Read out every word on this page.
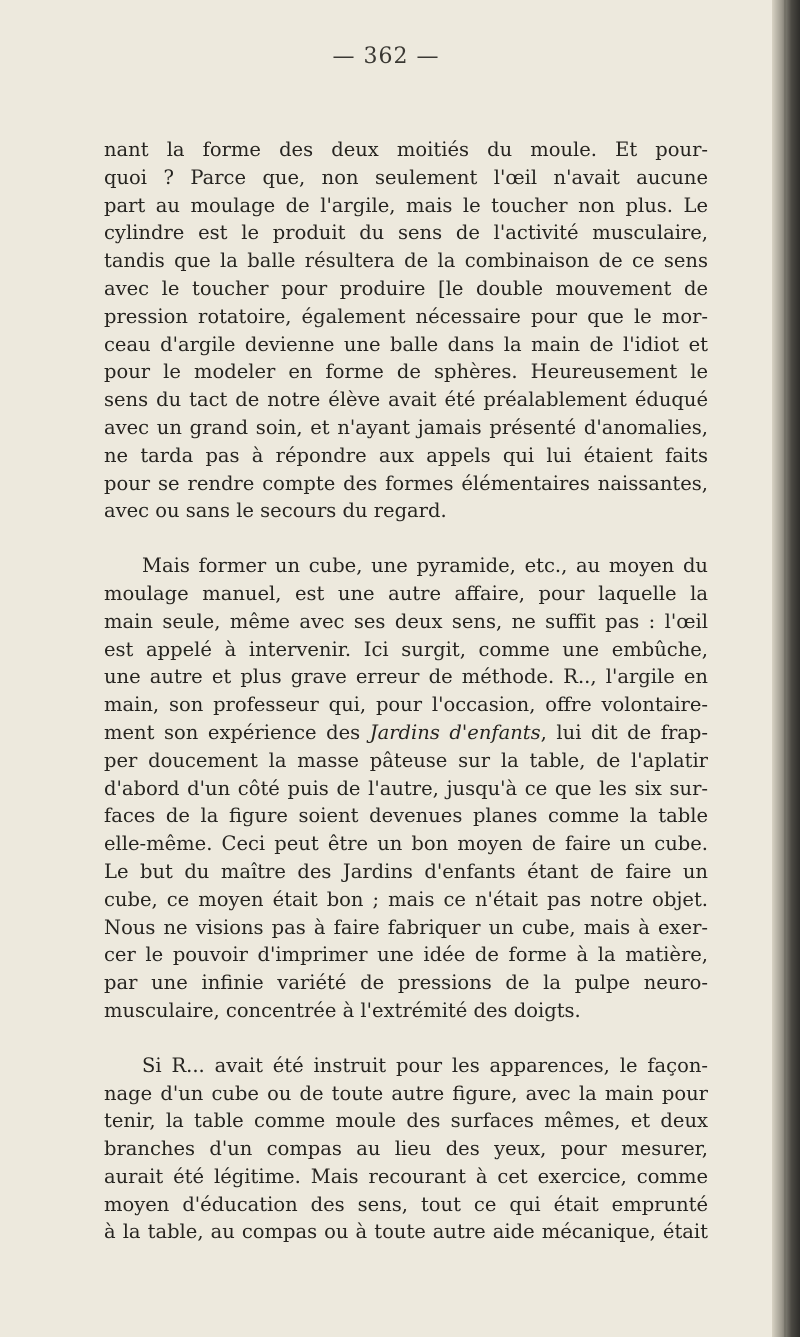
— 362 —

nant la forme des deux moitiés du moule. Et pour-
quoi ? Parce que, non seulement l'œil n'avait aucune
part au moulage de l'argile, mais le toucher non plus. Le
cylindre est le produit du sens de l'activité musculaire,
tandis que la balle résultera de la combinaison de ce sens
avec le toucher pour produire [le double mouvement de
pression rotatoire, également nécessaire pour que le mor-
ceau d'argile devienne une balle dans la main de l'idiot et
pour le modeler en forme de sphères. Heureusement le
sens du tact de notre élève avait été préalablement éduqué
avec un grand soin, et n'ayant jamais présenté d'anomalies,
ne tarda pas à répondre aux appels qui lui étaient faits
pour se rendre compte des formes élémentaires naissantes,
avec ou sans le secours du regard.

Mais former un cube, une pyramide, etc., au moyen du
moulage manuel, est une autre affaire, pour laquelle la
main seule, même avec ses deux sens, ne suffit pas : l'œil
est appelé à intervenir. Ici surgit, comme une embûche,
une autre et plus grave erreur de méthode. R.., l'argile en
main, son professeur qui, pour l'occasion, offre volontaire-
ment son expérience des Jardins d'enfants, lui dit de frap-
per doucement la masse pâteuse sur la table, de l'aplatir
d'abord d'un côté puis de l'autre, jusqu'à ce que les six sur-
faces de la figure soient devenues planes comme la table
elle-même. Ceci peut être un bon moyen de faire un cube.
Le but du maître des Jardins d'enfants étant de faire un
cube, ce moyen était bon ; mais ce n'était pas notre objet.
Nous ne visions pas à faire fabriquer un cube, mais à exer-
cer le pouvoir d'imprimer une idée de forme à la matière,
par une infinie variété de pressions de la pulpe neuro-
musculaire, concentrée à l'extrémité des doigts.

Si R... avait été instruit pour les apparences, le façon-
nage d'un cube ou de toute autre figure, avec la main pour
tenir, la table comme moule des surfaces mêmes, et deux
branches d'un compas au lieu des yeux, pour mesurer,
aurait été légitime. Mais recourant à cet exercice, comme
moyen d'éducation des sens, tout ce qui était emprunté
à la table, au compas ou à toute autre aide mécanique, était
